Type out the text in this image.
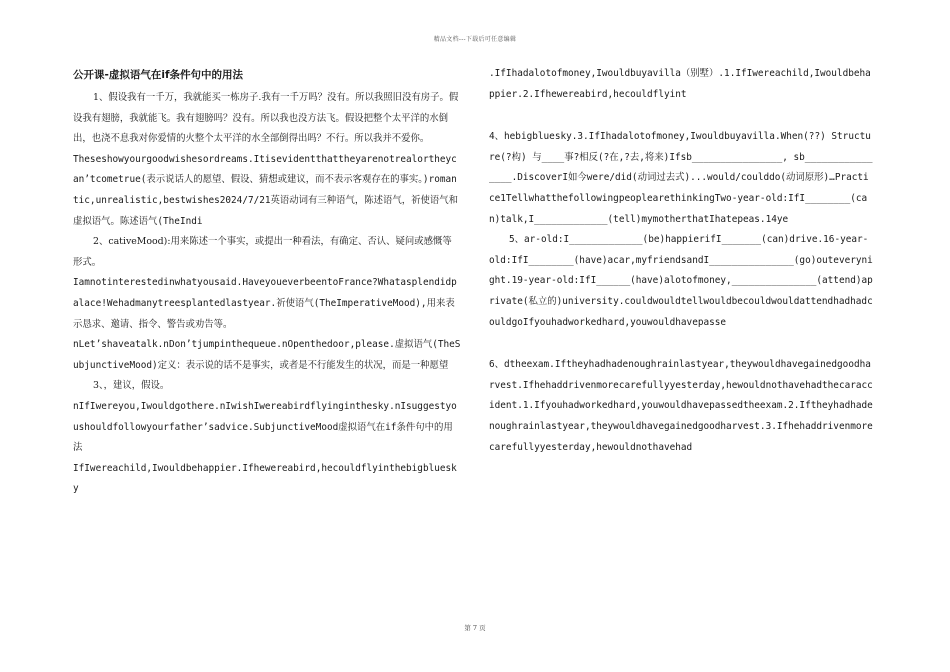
精品文档---下载后可任意编辑
公开课-虚拟语气在if条件句中的用法

1、假设我有一千万，我就能买一栋房子.我有一千万吗？没有。所以我照旧没有房子。假设我有翅膀，我就能飞。我有翅膀吗？没有。所以我也没方法飞。假设把整个太平洋的水倒出，也浇不息我对你爱情的火整个太平洋的水全部倒得出吗？不行。所以我并不爱你。

Theseshowyourgoodwishesordreams.Itisevidentthattheyarenotrealortheycan’tcometrue(表示说话人的愿望、假设、猜想或建议，而不表示客观存在的事实。)romantic,unrealistic,bestwishes2024/7/21英语动词有三种语气，陈述语气，祈使语气和虚拟语气。陈述语气(TheIndi

2、cativeMood):用来陈述一个事实，或提出一种看法，有确定、否认、疑问或感慨等形式。

Iamnotinterestedinwhatyousaid.HaveyoueverbeentoFrance?Whatasplendidpalace!Wehadmanytreesplantedlastyear.祈使语气(TheImperativeMood),用来表示恳求、邀请、指令、警告或劝告等。

nLet’shaveatalk.nDon’tjumpinthequeue.nOpenthedoor,please.虚拟语气(TheSubjunctiveMood)定义：表示说的话不是事实，或者是不行能发生的状况，而是一种愿望

3、，建议，假设。

nIfIwereyou,Iwouldgothere.nIwishIwereabirdflyinginthesky.nIsuggestyoushouldfollowyourfather’sadvice.SubjunctiveMood虚拟语气在if条件句中的用法

IfIwereachild,Iwouldbehappier.Ifhewereabird,hecouldflyinthebigbluesky

.IfIhadalotofmoney,Iwouldbuyavilla（别墅）.1.IfIwereachild,Iwouldbehappier.2.Ifhewereabird,hecouldflyint

4、hebigbluesky.3.IfIhadalotofmoney,Iwouldbuyavilla.When(??) Structure(?构) 与____事?相反(?在,?去,将来)Ifsb________________, sb________________.DiscoverI如今were/did(动词过去式)...would/coulddo(动词原形)…Practice1TellwhatthefollowingpeoplearethinkingTwo-year-old:IfI________(can)talk,I_____________(tell)mymotherthatIhatepeas.14ye

5、ar-old:I_____________(be)happierifI_______(can)drive.16-year-old:IfI________(have)acar,myfriendsandI_______________(go)outeverynight.19-year-old:IfI______(have)alotofmoney,_______________(attend)aprivate(私立的)university.couldwouldtellwouldbecouldwouldattendhadhadcouldgoIfyouhadworkedhard,youwouldhavepasse

6、dtheexam.Iftheyhadhadenoughrainlastyear,theywouldhavegainedgoodharvest.Ifhehaddrivenmorecarefullyyesterday,hewouldnothavehadthecaraccident.1.Ifyouhadworkedhard,youwouldhavepassedtheexam.2.Iftheyhadhadenoughrainlastyear,theywouldhavegainedgoodharvest.3.Ifhehaddrivenmorecarefullyyesterday,hewouldnothavehad

第 7 页
